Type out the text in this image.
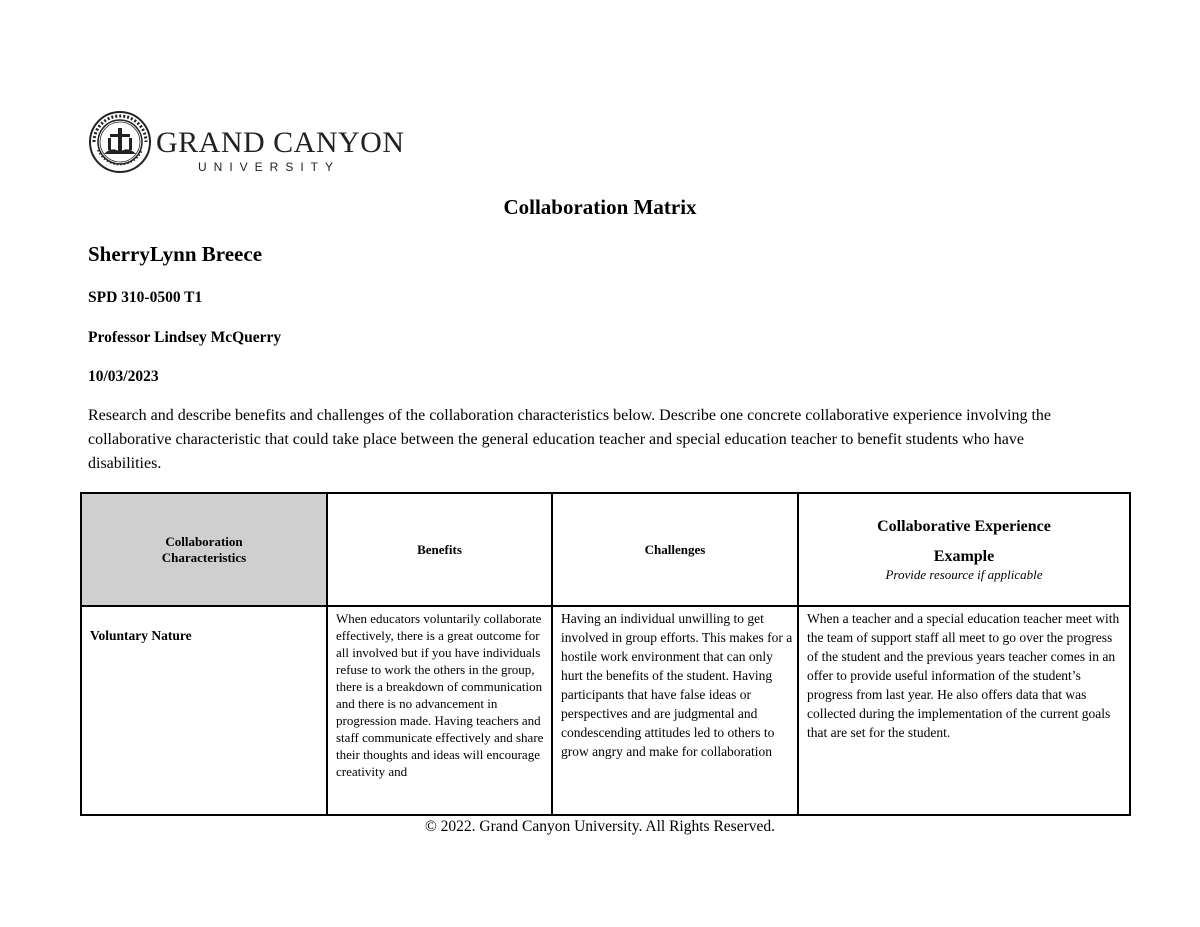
GRAND CANYON
UNIVERSITY
Collaboration Matrix
SherryLynn Breece
SPD 310-0500 T1
Professor Lindsey McQuerry
10/03/2023
Research and describe benefits and challenges of the collaboration characteristics below. Describe one concrete collaborative experience involving the collaborative characteristic that could take place between the general education teacher and special education teacher to benefit students who have disabilities.
Collaboration Characteristics
Benefits	Challenges
Collaborative Experience
Example
Provide resource if applicable
Voluntary Nature
When educators voluntarily collaborate effectively, there is a great outcome for all involved but if you have individuals refuse to work the others in the group, there is a breakdown of communication and there is no advancement in progression made. Having teachers and staff communicate effectively and share their thoughts and ideas will encourage creativity and
Having an individual unwilling to get involved in group efforts. This makes for a hostile work environment that can only hurt the benefits of the student. Having participants that have false ideas or perspectives and are judgmental and condescending attitudes led to others to grow angry and make for collaboration
When a teacher and a special education teacher meet with the team of support staff all meet to go over the progress of the student and the previous years teacher comes in an offer to provide useful information of the student’s progress from last year. He also offers data that was collected during the implementation of the current goals that are set for the student.
© 2022. Grand Canyon University. All Rights Reserved.
